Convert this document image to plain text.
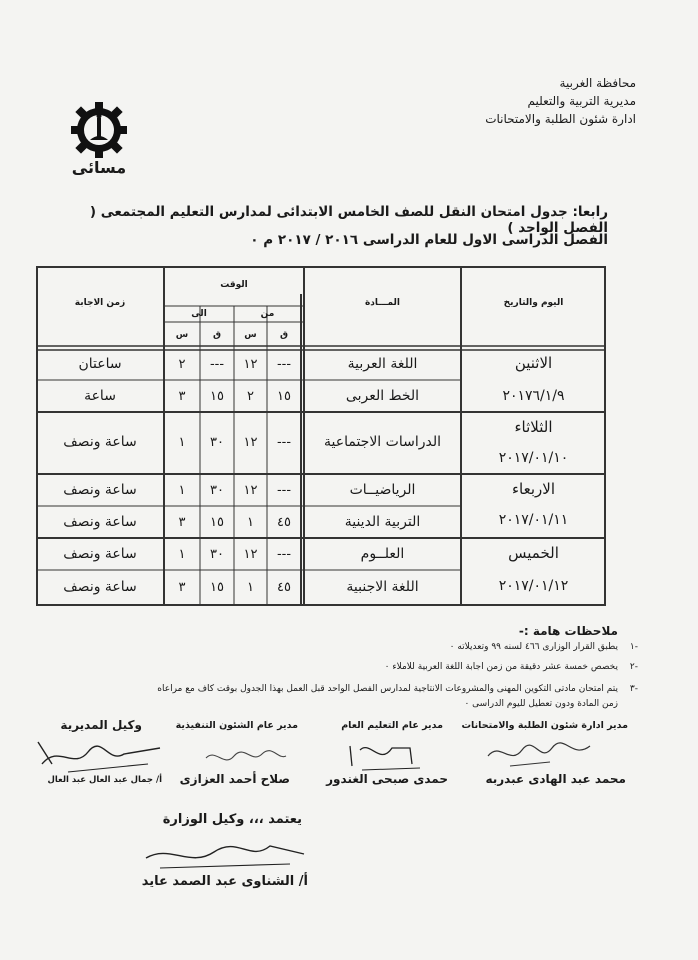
محافظة الغربية
مديرية التربية والتعليم
ادارة شئون الطلبة والامتحانات
مسائى
رابعا: جدول امتحان النقل للصف الخامس الابتدائى لمدارس التعليم المجتمعى ( الفصل الواحد )
الفصل الدراسى الاول للعام الدراسى ٢٠١٦ / ٢٠١٧ م ٠
اليوم والتاريخ
المـــادة
الوقت
من
الى
ق
س
ق
س
زمن الاجابة
الاثنين
٢٠١٧٦/١/٩
الثلاثاء
٢٠١٧/٠١/١٠
الاربعاء
٢٠١٧/٠١/١١
الخميس
٢٠١٧/٠١/١٢
اللغة العربية
---
١٢
---
٢
ساعتان
الخط العربى
١٥
٢
١٥
٣
ساعة
الدراسات الاجتماعية
---
١٢
٣٠
١
ساعة ونصف
الرياضيــات
---
١٢
٣٠
١
ساعة ونصف
التربية الدينية
٤٥
١
١٥
٣
ساعة ونصف
العلــوم
---
١٢
٣٠
١
ساعة ونصف
اللغة الاجنبية
٤٥
١
١٥
٣
ساعة ونصف
ملاحظات هامة :-
-١يطبق القرار الوزارى ٤٦٦ لسنه ٩٩ وتعديلاته ٠
-٢يخصص خمسة عشر دقيقة من زمن اجابة اللغة العربية للاملاء ٠
-٣يتم امتحان مادتى التكوين المهنى والمشروعات الانتاجية لمدارس الفصل الواحد قبل العمل بهذا الجدول بوقت كاف مع مراعاه
زمن المادة ودون تعطيل لليوم الدراسى ٠
مدير ادارة شئون الطلبة والامتحانات
مدير عام التعليم العام
مدير عام الشئون التنفيذية
وكيل المديرية
محمد عبد الهادى عبدربه
حمدى صبحى الغندور
صلاح أحمد العزازى
أ/ جمال عبد العال عبد العال
يعتمد ،،، وكيل الوزارة
أ/ الشناوى عبد الصمد عايد
